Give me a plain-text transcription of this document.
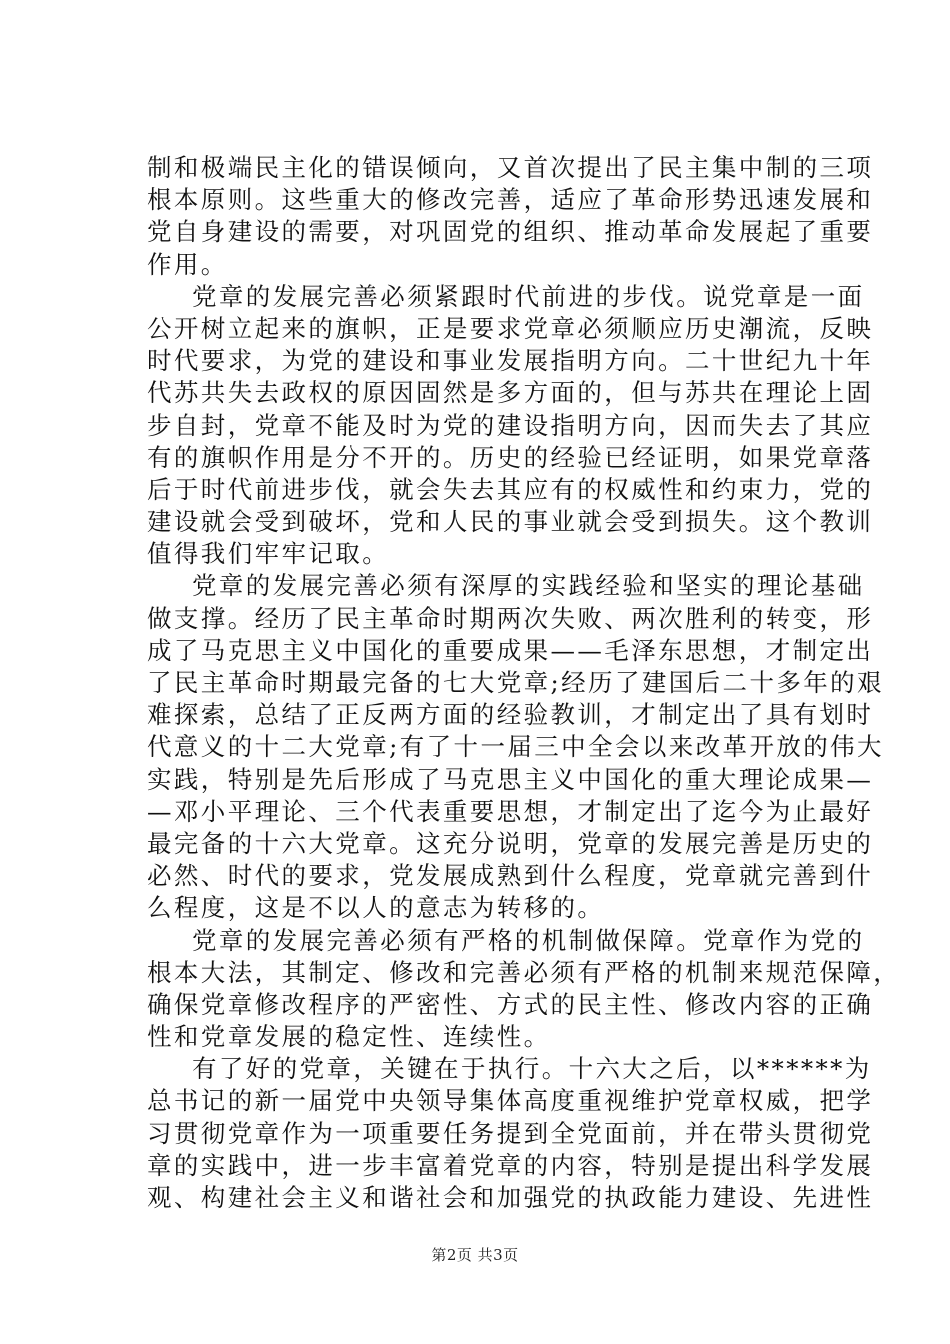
制和极端民主化的错误倾向，又首次提出了民主集中制的三项
根本原则。这些重大的修改完善，适应了革命形势迅速发展和
党自身建设的需要，对巩固党的组织、推动革命发展起了重要
作用。
党章的发展完善必须紧跟时代前进的步伐。说党章是一面
公开树立起来的旗帜，正是要求党章必须顺应历史潮流，反映
时代要求，为党的建设和事业发展指明方向。二十世纪九十年
代苏共失去政权的原因固然是多方面的，但与苏共在理论上固
步自封，党章不能及时为党的建设指明方向，因而失去了其应
有的旗帜作用是分不开的。历史的经验已经证明，如果党章落
后于时代前进步伐，就会失去其应有的权威性和约束力，党的
建设就会受到破坏，党和人民的事业就会受到损失。这个教训
值得我们牢牢记取。
党章的发展完善必须有深厚的实践经验和坚实的理论基础
做支撑。经历了民主革命时期两次失败、两次胜利的转变，形
成了马克思主义中国化的重要成果——毛泽东思想，才制定出
了民主革命时期最完备的七大党章;经历了建国后二十多年的艰
难探索，总结了正反两方面的经验教训，才制定出了具有划时
代意义的十二大党章;有了十一届三中全会以来改革开放的伟大
实践，特别是先后形成了马克思主义中国化的重大理论成果—
—邓小平理论、三个代表重要思想，才制定出了迄今为止最好
最完备的十六大党章。这充分说明，党章的发展完善是历史的
必然、时代的要求，党发展成熟到什么程度，党章就完善到什
么程度，这是不以人的意志为转移的。
党章的发展完善必须有严格的机制做保障。党章作为党的
根本大法，其制定、修改和完善必须有严格的机制来规范保障，
确保党章修改程序的严密性、方式的民主性、修改内容的正确
性和党章发展的稳定性、连续性。
有了好的党章，关键在于执行。十六大之后，以******为
总书记的新一届党中央领导集体高度重视维护党章权威，把学
习贯彻党章作为一项重要任务提到全党面前，并在带头贯彻党
章的实践中，进一步丰富着党章的内容，特别是提出科学发展
观、构建社会主义和谐社会和加强党的执政能力建设、先进性
第2页 共3页
